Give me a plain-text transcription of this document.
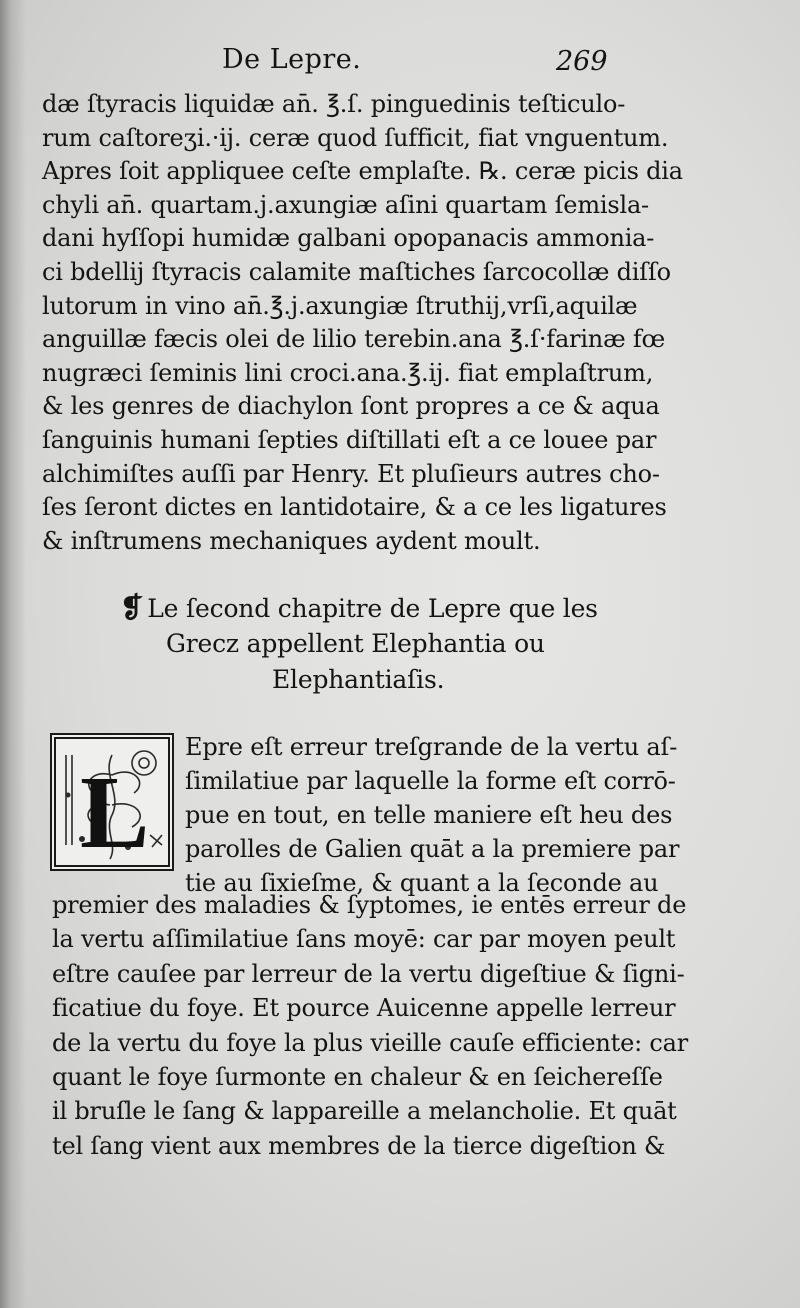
De Lepre.	269
dæ ſtyracis liquidæ an̄. ℥.ſ. pinguedinis teſticulo-
rum caſtoreʒi.·ij. ceræ quod ſufficit, fiat vnguentum.
Apres ſoit appliquee ceſte emplaſte. ℞. ceræ picis dia
chyli an̄. quartam.j.axungiæ aſini quartam ſemisla-
dani hyſſopi humidæ galbani opopanacis ammonia-
ci bdellij ſtyracis calamite maſtiches ſarcocollæ diſſo
lutorum in vino an̄.℥.j.axungiæ ſtruthij,vrſi,aquilæ
anguillæ fæcis olei de lilio terebin.ana ℥.ſ·farinæ fœ
nugræci ſeminis lini croci.ana.℥.ij. fiat emplaſtrum,
& les genres de diachylon ſont propres a ce & aqua
ſanguinis humani ſepties diſtillati eſt a ce louee par
alchimiſtes auſſi par Henry. Et pluſieurs autres cho-
ſes ſeront dictes en lantidotaire, & a ce les ligatures
& inſtrumens mechaniques aydent moult.
❡ Le ſecond chapitre de Lepre que les
Grecz appellent Elephantia ou
Elephantiaſis.
L
Epre eſt erreur treſgrande de la vertu aſ-
ſimilatiue par laquelle la forme eſt corrō-
pue en tout, en telle maniere eſt heu des
parolles de Galien quāt a la premiere par
tie au ſixieſme, & quant a la ſeconde au
premier des maladies & ſyptomes, ie entēs erreur de
la vertu aſſimilatiue ſans moyē: car par moyen peult
eſtre cauſee par lerreur de la vertu digeſtiue & ſigni-
ficatiue du foye. Et pource Auicenne appelle lerreur
de la vertu du foye la plus vieille cauſe efficiente: car
quant le foye ſurmonte en chaleur & en ſeichereſſe
il bruſle le ſang & lappareille a melancholie. Et quāt
tel ſang vient aux membres de la tierce digeſtion &
